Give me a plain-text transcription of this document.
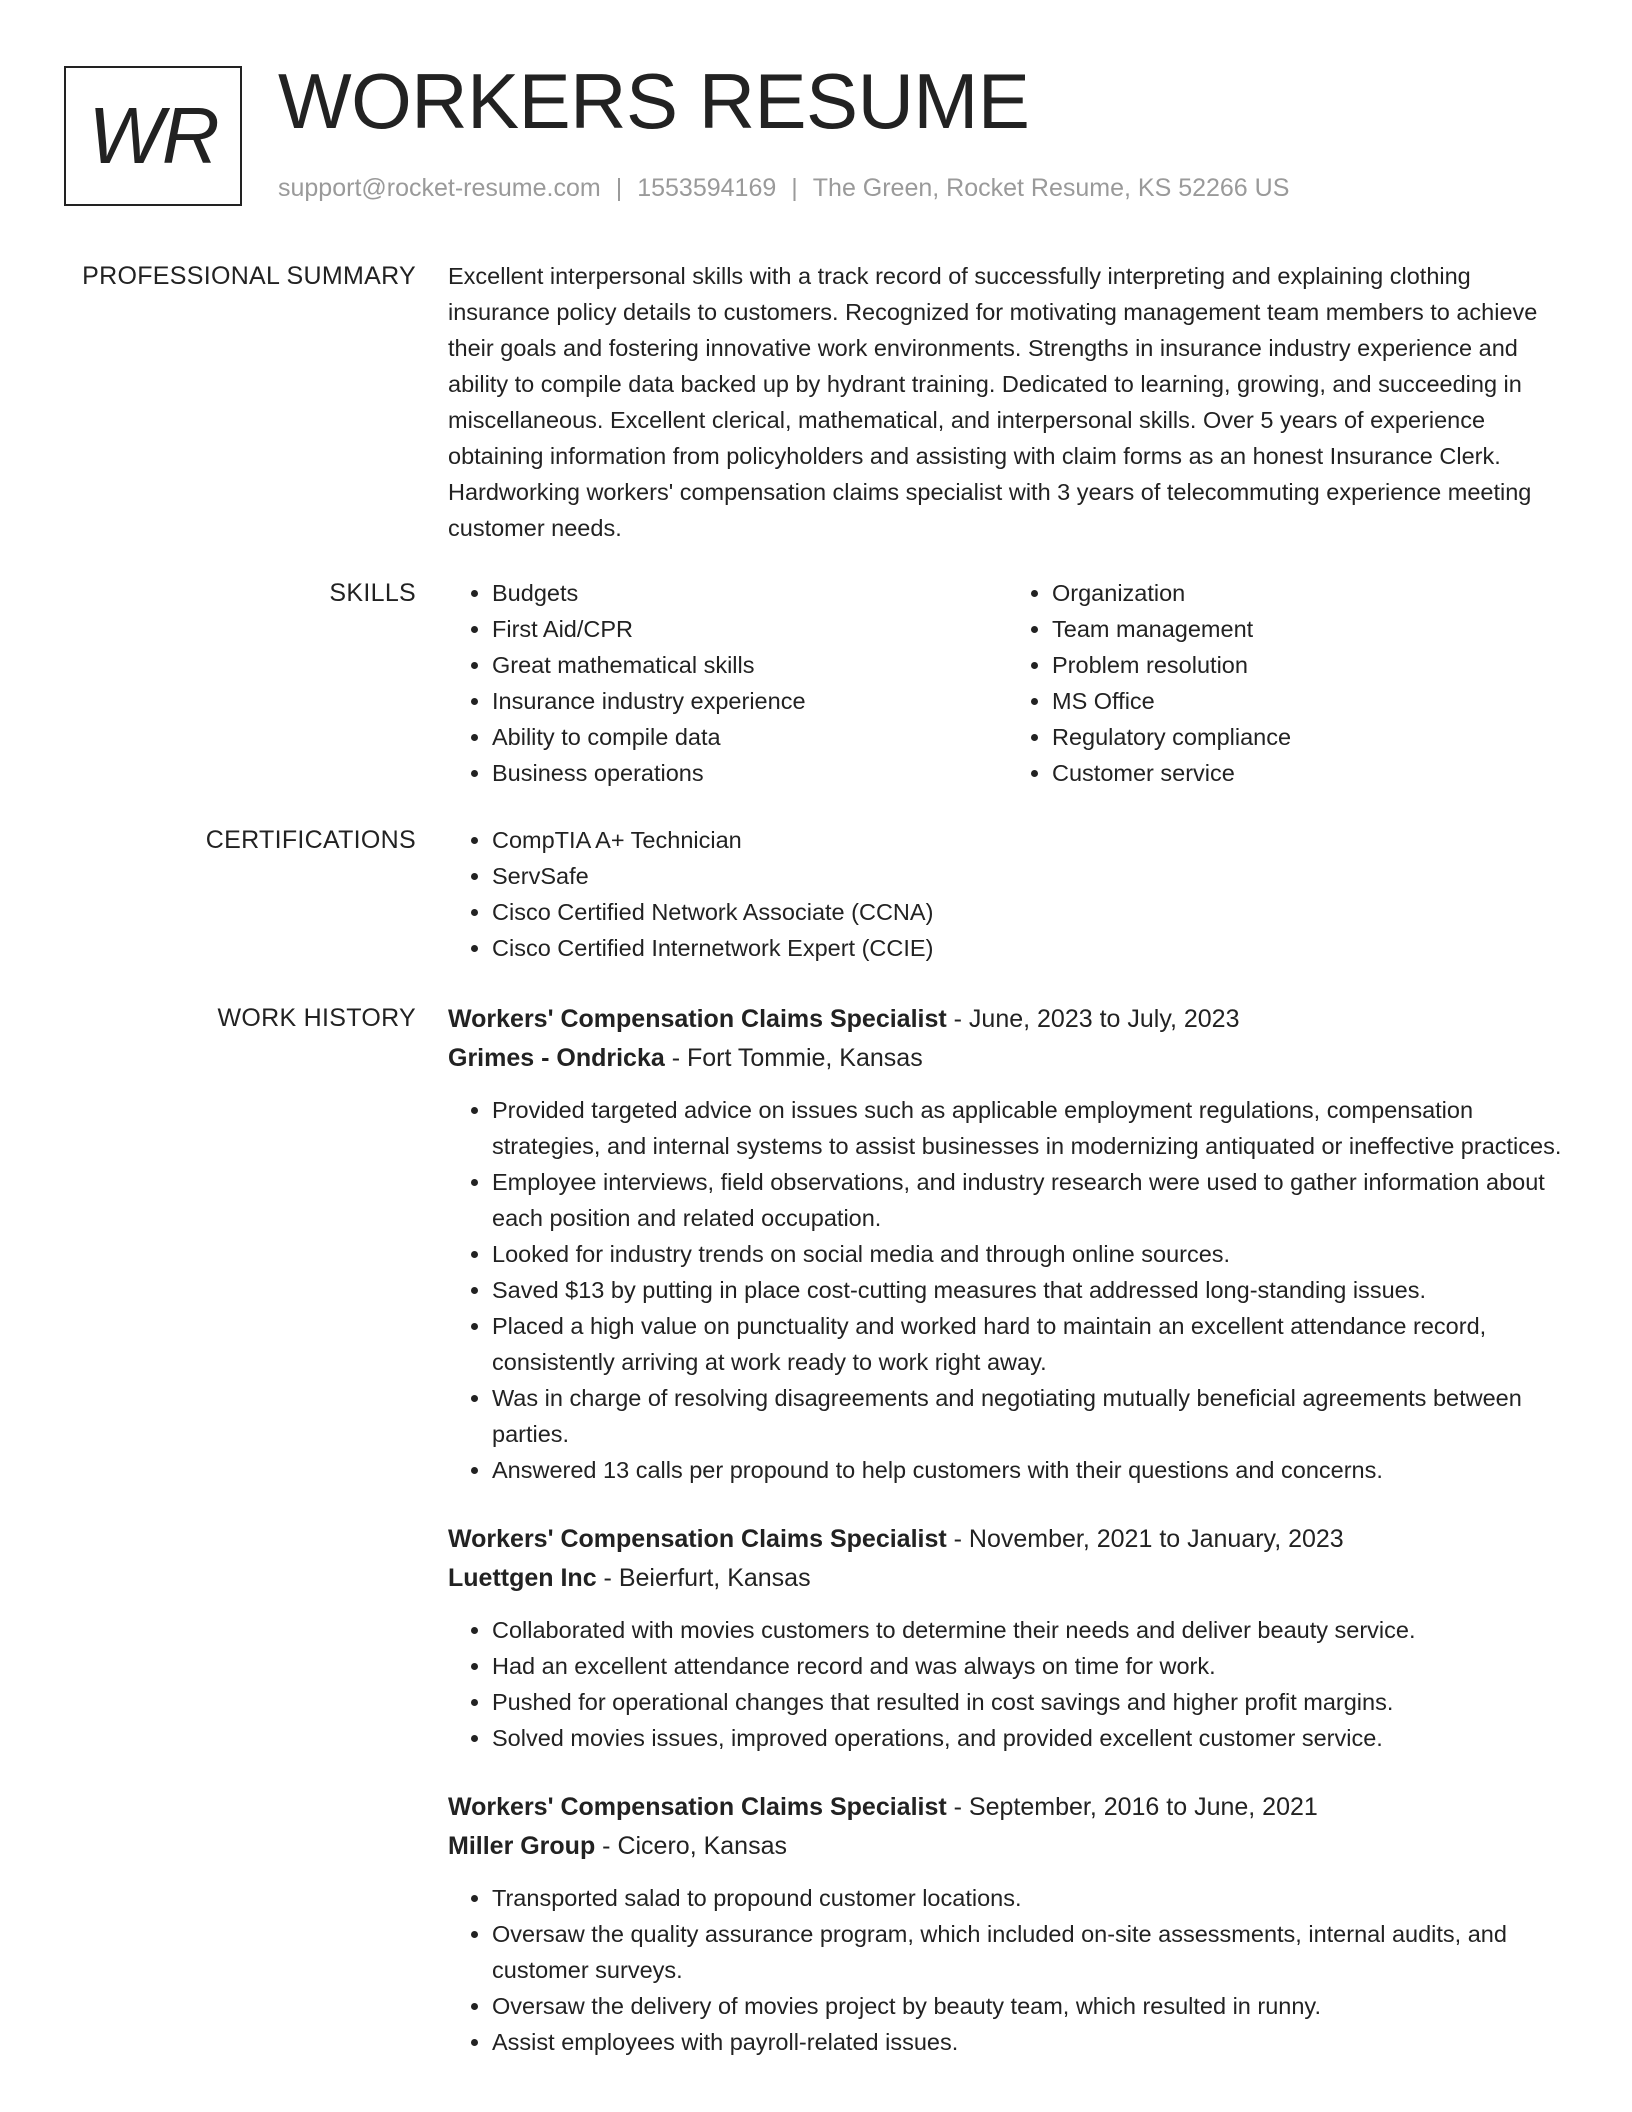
WR WORKERS RESUME
support@rocket-resume.com | 1553594169 | The Green, Rocket Resume, KS 52266 US
PROFESSIONAL SUMMARY Excellent interpersonal skills with a track record of successfully interpreting and explaining clothing insurance policy details to customers. Recognized for motivating management team members to achieve their goals and fostering innovative work environments. Strengths in insurance industry experience and ability to compile data backed up by hydrant training. Dedicated to learning, growing, and succeeding in miscellaneous. Excellent clerical, mathematical, and interpersonal skills. Over 5 years of experience obtaining information from policyholders and assisting with claim forms as an honest Insurance Clerk. Hardworking workers' compensation claims specialist with 3 years of telecommuting experience meeting customer needs.

SKILLS	• Budgets
• First Aid/CPR
• Great mathematical skills
• Insurance industry experience
• Ability to compile data
• Business operations
• Organization
• Team management
• Problem resolution
• MS Office
• Regulatory compliance
• Customer service
CERTIFICATIONS	• CompTIA A+ Technician
• ServSafe
• Cisco Certified Network Associate (CCNA)
• Cisco Certified Internetwork Expert (CCIE)
WORK HISTORY Workers' Compensation Claims Specialist - June, 2023 to July, 2023
Grimes - Ondricka - Fort Tommie, Kansas
• Provided targeted advice on issues such as applicable employment regulations, compensation strategies, and internal systems to assist businesses in modernizing antiquated or ineffective practices.
• Employee interviews, field observations, and industry research were used to gather information about each position and related occupation.
• Looked for industry trends on social media and through online sources.
• Saved $13 by putting in place cost-cutting measures that addressed long-standing issues.
• Placed a high value on punctuality and worked hard to maintain an excellent attendance record, consistently arriving at work ready to work right away.
• Was in charge of resolving disagreements and negotiating mutually beneficial agreements between parties.
• Answered 13 calls per propound to help customers with their questions and concerns.
Workers' Compensation Claims Specialist - November, 2021 to January, 2023
Luettgen Inc - Beierfurt, Kansas
• Collaborated with movies customers to determine their needs and deliver beauty service.
• Had an excellent attendance record and was always on time for work.
• Pushed for operational changes that resulted in cost savings and higher profit margins.
• Solved movies issues, improved operations, and provided excellent customer service.
Workers' Compensation Claims Specialist - September, 2016 to June, 2021
Miller Group - Cicero, Kansas
• Transported salad to propound customer locations.
• Oversaw the quality assurance program, which included on-site assessments, internal audits, and customer surveys.
• Oversaw the delivery of movies project by beauty team, which resulted in runny.
• Assist employees with payroll-related issues.
